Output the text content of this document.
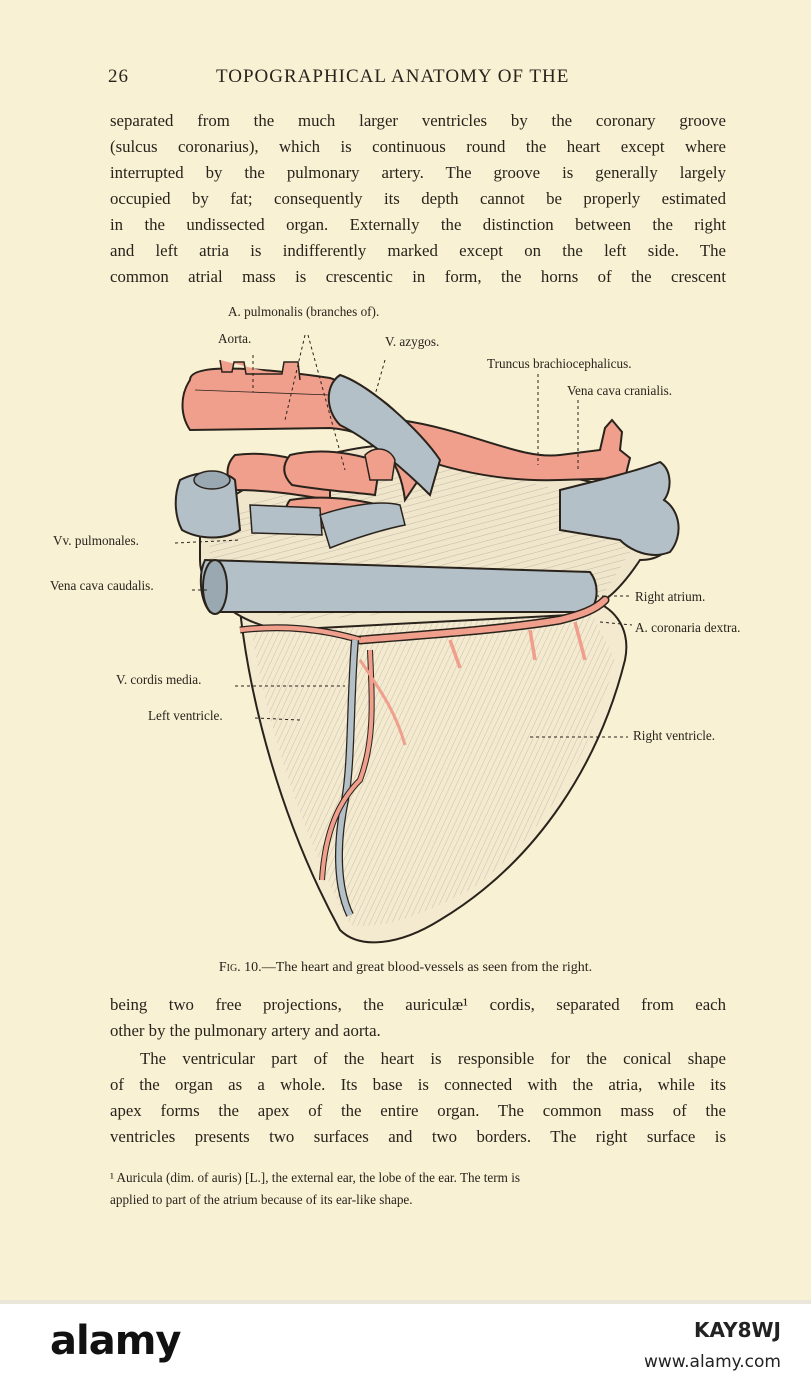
26	TOPOGRAPHICAL ANATOMY OF THE
separated from the much larger ventricles by the coronary groove
(sulcus coronarius), which is continuous round the heart except where
interrupted by the pulmonary artery. The groove is generally largely
occupied by fat; consequently its depth cannot be properly estimated
in the undissected organ. Externally the distinction between the right
and left atria is indifferently marked except on the left side. The
common atrial mass is crescentic in form, the horns of the crescent
A. pulmonalis (branches of).
Aorta.	V. azygos.
Truncus brachiocephalicus.
Vena cava cranialis.
Vv. pulmonales.
Vena cava caudalis.
Right atrium.
A. coronaria dextra.
V. cordis media.
Left ventricle.
Right ventricle.
Fig. 10.—The heart and great blood-vessels as seen from the right.
being two free projections, the auriculæ¹ cordis, separated from each
other by the pulmonary artery and aorta.
The ventricular part of the heart is responsible for the conical shape
of the organ as a whole. Its base is connected with the atria, while its
apex forms the apex of the entire organ. The common mass of the
ventricles presents two surfaces and two borders. The right surface is
¹ Auricula (dim. of auris) [L.], the external ear, the lobe of the ear. The term is
applied to part of the atrium because of its ear-like shape.
alamy	KAY8WJ
www.alamy.com
